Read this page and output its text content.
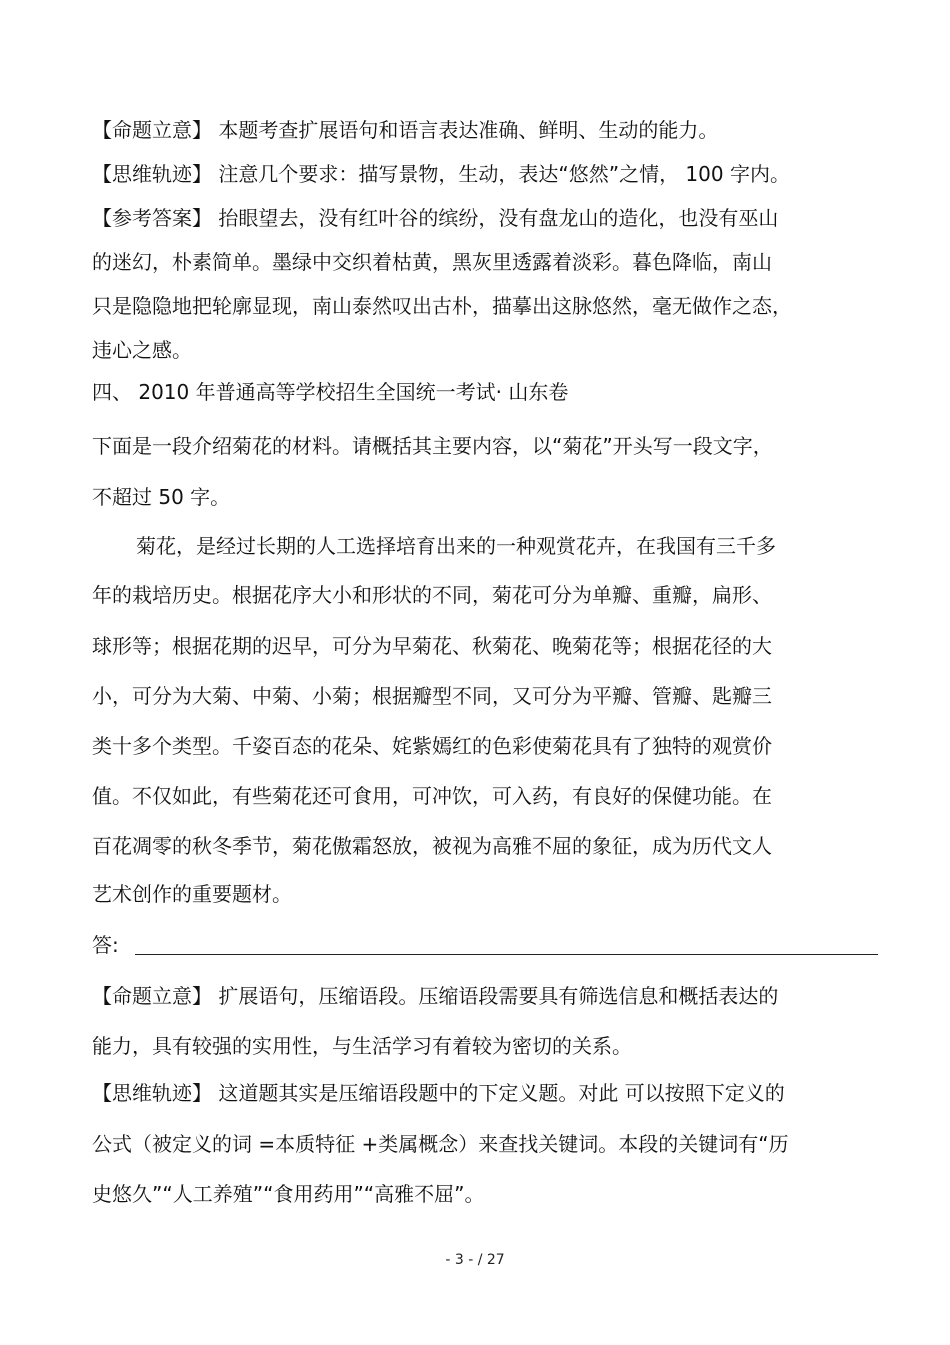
【命题立意】 本题考查扩展语句和语言表达准确、鲜明、生动的能力。
【思维轨迹】 注意几个要求：描写景物，生动，表达“悠然”之情， 100 字内。
【参考答案】 抬眼望去，没有红叶谷的缤纷，没有盘龙山的造化，也没有巫山
的迷幻，朴素简单。墨绿中交织着枯黄，黑灰里透露着淡彩。暮色降临，南山
只是隐隐地把轮廓显现，南山泰然叹出古朴，描摹出这脉悠然，毫无做作之态，
违心之感。
四、 2010 年普通高等学校招生全国统一考试· 山东卷
下面是一段介绍菊花的材料。请概括其主要内容，以“菊花”开头写一段文字，
不超过 50 字。
菊花，是经过长期的人工选择培育出来的一种观赏花卉，在我国有三千多
年的栽培历史。根据花序大小和形状的不同，菊花可分为单瓣、重瓣，扁形、
球形等；根据花期的迟早，可分为早菊花、秋菊花、晚菊花等；根据花径的大
小，可分为大菊、中菊、小菊；根据瓣型不同，又可分为平瓣、管瓣、匙瓣三
类十多个类型。千姿百态的花朵、姹紫嫣红的色彩使菊花具有了独特的观赏价
值。不仅如此，有些菊花还可食用，可冲饮，可入药，有良好的保健功能。在
百花凋零的秋冬季节，菊花傲霜怒放，被视为高雅不屈的象征，成为历代文人
艺术创作的重要题材。
答:
【命题立意】 扩展语句，压缩语段。压缩语段需要具有筛选信息和概括表达的
能力，具有较强的实用性，与生活学习有着较为密切的关系。
【思维轨迹】 这道题其实是压缩语段题中的下定义题。对此 可以按照下定义的
公式（被定义的词 =本质特征 +类属概念）来查找关键词。本段的关键词有“历
史悠久”“人工养殖”“食用药用”“高雅不屈”。
- 3 - / 27
